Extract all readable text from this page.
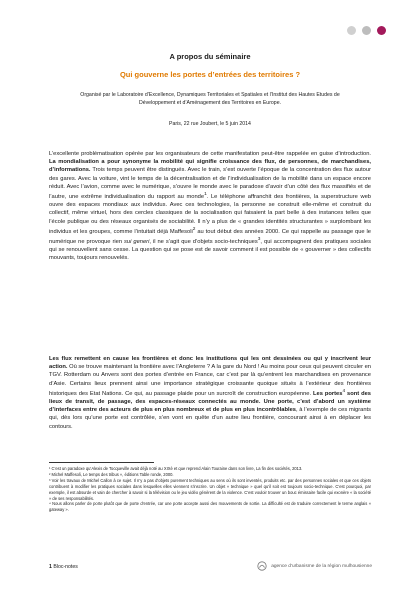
A propos du séminaire
Qui gouverne les portes d’entrées des territoires ?
Organisé par le Laboratoire d’Excellence, Dynamiques Territoriales et Spatiales et l’Institut des Hautes Etudes de Développement et d’Aménagement des Territoires en Europe.
Paris, 22 rue Joubert, le 5 juin 2014

L’excellente problématisation opérée par les organisateurs de cette manifestation peut-être rappelée en guise d’introduction. La mondialisation a pour synonyme la mobilité qui signifie croissance des flux, de personnes, de marchandises, d’informations. Trois temps peuvent être distingués. Avec le train, s’est ouverte l’époque de la concentration des flux autour des gares. Avec la voiture, vint le temps de la décentralisation et de l’individualisation de la mobilité dans un espace encore réduit. Avec l’avion, comme avec le numérique, s’ouvre le monde avec le paradoxe d’avoir d’un côté des flux massifiés et de l’autre, une extrême individualisation du rapport au monde$^1$. Le téléphone affranchit des frontières, la superstructure web ouvre des espaces mondiaux aux individus. Avec ces technologies, la personne se construit elle-même et construit du collectif, même virtuel, hors des cercles classiques de la socialisation qui faisaient la part belle à des instances telles que l’école publique ou des réseaux organisés de sociabilité. Il n’y a plus de « grandes identités structurantes » surplombant les individus et les groupes, comme l’intuitait déjà Maffesoli$^2$ au tout début des années 2000. Ce qui rappelle au passage que le numérique ne provoque rien sui generi, il ne s’agit que d’objets socio-techniques$^3$, qui accompagnent des pratiques sociales qui se renouvellent sans cesse. La question qui se pose est de savoir comment il est possible de « gouverner » des collectifs mouvants, toujours renouvelés.

Les flux remettent en cause les frontières et donc les institutions qui les ont dessinées ou qui y inscrivent leur action. Où se trouve maintenant la frontière avec l’Angleterre ? A la gare du Nord ! Au moins pour ceux qui peuvent circuler en TGV. Rotterdam ou Anvers sont des portes d’entrée en France, car c’est par là qu’entrent les marchandises en provenance d’Asie. Certains lieux prennent ainsi une importance stratégique croissante quoique situés à l’extérieur des frontières historiques des Etat Nations. Ce qui, au passage plaide pour un surcroît de construction européenne. Les portes$^4$ sont des lieux de transit, de passage, des espaces-réseaux connectés au monde. Une porte, c’est d’abord un système d’interfaces entre des acteurs de plus en plus nombreux et de plus en plus incontrôlables, à l’exemple de ces migrants qui, dès lors qu’une porte est contrôlée, s’en vont en quête d’un autre lieu frontière, concourant ainsi à en déplacer les contours.

¹ C’est un paradoxe qu’Alexis de Tocqueville avait déjà noté au XIXè et que reprend Alain Touraine dans son livre, La fin des sociétés, 2013.
² Michel Maffesoli, Le temps des tribus », éditions Table ronde, 2000.
³ Voir les travaux de Michel Callon à ce sujet. Il n’y a pas d’objets purement techniques au sens où ils sont inventés, produits etc. par des personnes sociales et que ces objets contribuent à modifier les pratiques sociales dans lesquelles elles viennent s’inscrire. Un objet « technique » quel qu’il soit est toujours socio-technique. C’est pourquoi, par exemple, il est absurde et vain de chercher à savoir si la télévision ou le jeu vidéo génèrent de la violence. C’est vouloir trouver un bouc émissaire facile qui exonère « la société » de ses responsabilités.
⁴ Nous allons parler de porte plutôt que de porte d’entrée, car une porte accepte aussi des mouvements de sortie. La difficulté est de traduire correctement le terme anglais « gateway ».
1 Bloc-notes	agence d’urbanisme de la région mulhousienne
